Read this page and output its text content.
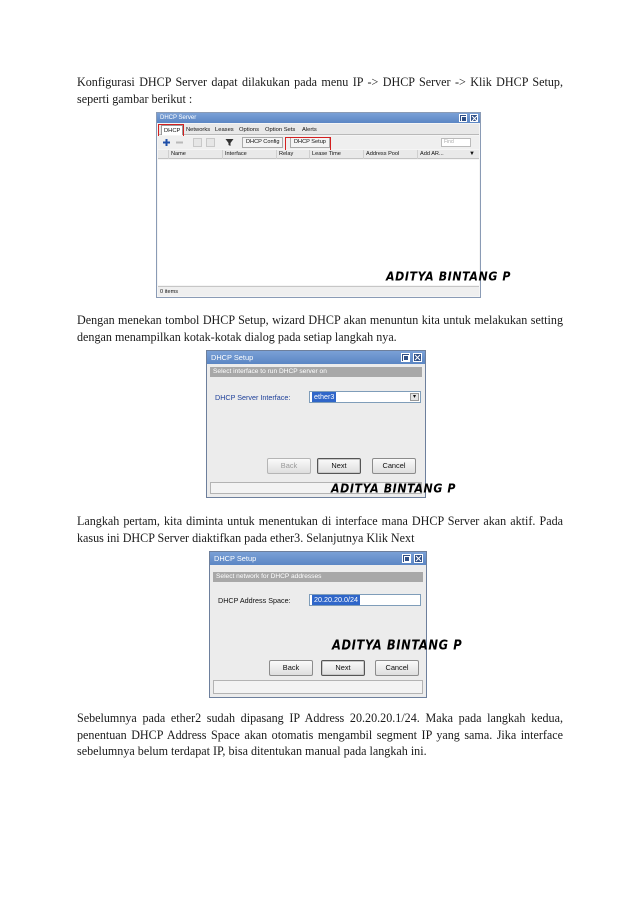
Konfigurasi DHCP Server dapat dilakukan pada menu IP -> DHCP Server -> Klik DHCP Setup, seperti gambar berikut :

DHCP Server
DHCP Networks Leases Options	Option Sets	Alerts
DHCP Config	DHCP Setup	Find
Name	Interface	Relay	Lease Time	Address Pool	Add AR...	▼
ADITYA BINTANG P
0 items

Dengan menekan tombol DHCP Setup, wizard DHCP akan menuntun kita untuk melakukan setting dengan menampilkan kotak-kotak dialog pada setiap langkah nya.

DHCP Setup
Select interface to run DHCP server on
DHCP Server Interface:	ether3	▾
Back	Next	Cancel
ADITYA BINTANG P

Langkah pertam, kita diminta untuk menentukan di interface mana DHCP Server akan aktif. Pada kasus ini DHCP Server diaktifkan pada ether3. Selanjutnya Klik Next

DHCP Setup
Select network for DHCP addresses
DHCP Address Space:	20.20.20.0/24
ADITYA BINTANG P
Back	Next	Cancel

Sebelumnya pada ether2 sudah dipasang IP Address 20.20.20.1/24. Maka pada langkah kedua, penentuan DHCP Address Space akan otomatis mengambil segment IP yang sama. Jika interface sebelumnya belum terdapat IP, bisa ditentukan manual pada langkah ini.
